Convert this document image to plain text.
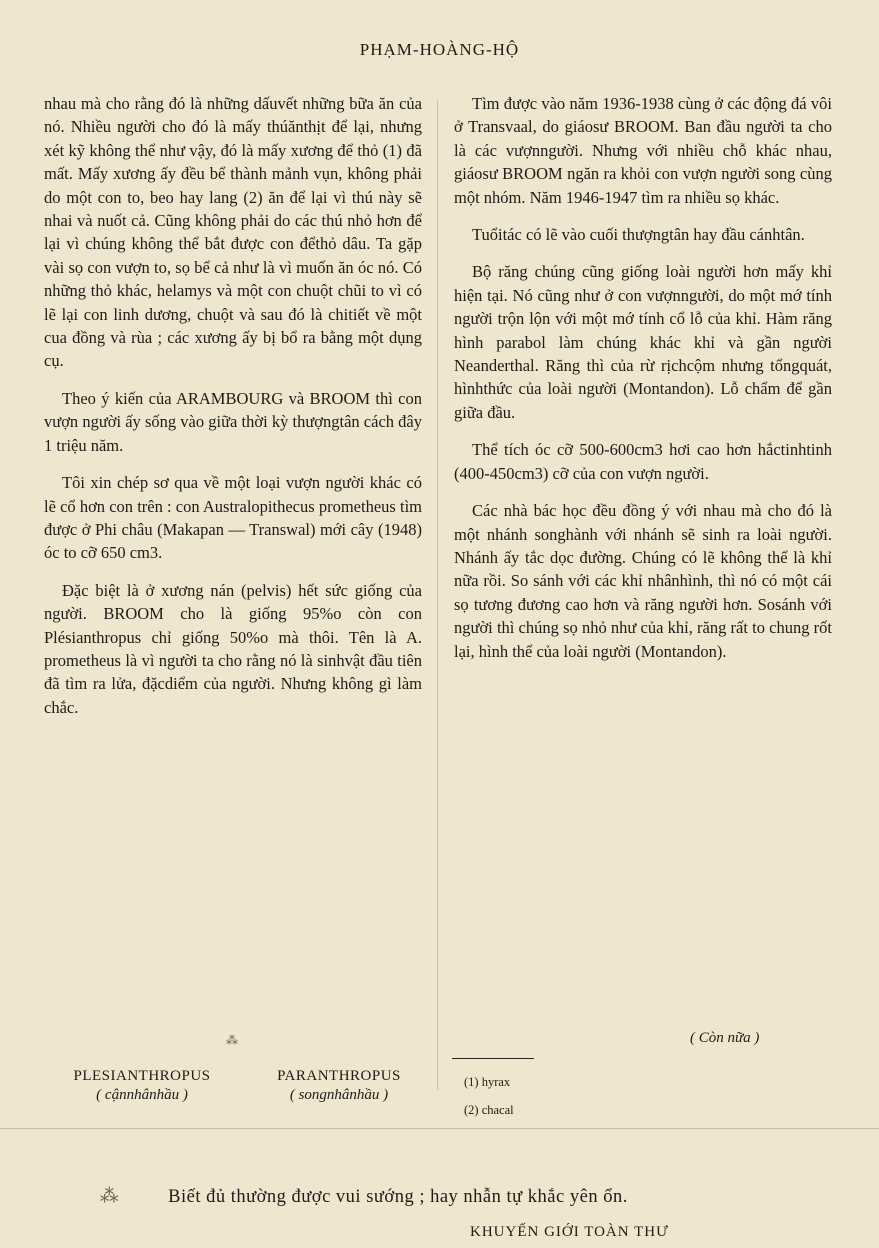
PHẠM-HOÀNG-HỘ

nhau mà cho rằng đó là những dấuvết những bữa ăn của nó. Nhiều người cho đó là mấy thúănthịt để lại, nhưng xét kỹ không thể như vậy, đó là mấy xương để thỏ (1) đã mất. Mấy xương ấy đều bể thành mảnh vụn, không phải do một con to, beo hay lang (2) ăn để lại vì thú này sẽ nhai và nuốt cả. Cũng không phải do các thú nhỏ hơn để lại vì chúng không thể bắt được con đểthỏ dâu. Ta gặp vài sọ con vượn to, sọ bể cả như là vì muốn ăn óc nó. Có những thỏ khác, helamys và một con chuột chũi to vì có lẽ lại con linh dương, chuột và sau đó là chitiết về một cua đồng và rùa ; các xương ấy bị bổ ra bằng một dụng cụ.

Theo ý kiến của ARAMBOURG và BROOM thì con vượn người ấy sống vào giữa thời kỳ thượngtân cách đây 1 triệu năm.

Tôi xin chép sơ qua về một loại vượn người khác có lẽ cổ hơn con trên : con Australopithecus prometheus tìm được ở Phi châu (Makapan — Transwal) mới cây (1948) óc to cỡ 650 cm3.

Đặc biệt là ở xương nán (pelvis) hết sức giống của người. BROOM cho là giống 95%o còn con Plésianthropus chỉ giống 50%o mà thôi. Tên là A. prometheus là vì người ta cho rằng nó là sinhvật đầu tiên đã tìm ra lửa, đặcdiểm của người. Nhưng không gì làm chắc.

Tìm được vào năm 1936-1938 cùng ở các động đá vôi ở Transvaal, do giáosư BROOM. Ban đầu người ta cho là các vượnngười. Nhưng với nhiều chỗ khác nhau, giáosư BROOM ngăn ra khỏi con vượn người song cùng một nhóm. Năm 1946-1947 tìm ra nhiều sọ khác.

Tuổitác có lẽ vào cuối thượngtân hay đầu cánhtân.

Bộ răng chúng cũng giống loài người hơn mấy khỉ hiện tại. Nó cũng như ở con vượnngười, do một mớ tính người trộn lộn với một mớ tính cổ lỗ của khỉ. Hàm răng hình parabol làm chúng khác khỉ và gần người Neanderthal. Răng thì của rừ rịchcộm nhưng tổngquát, hìnhthức của loài người (Montandon). Lỗ chẩm để gần giữa đầu.

Thể tích óc cỡ 500-600cm3 hơi cao hơn hắctinhtinh (400-450cm3) cỡ của con vượn người.

Các nhà bác học đều đồng ý với nhau mà cho đó là một nhánh songhành với nhánh sẽ sinh ra loài người. Nhánh ấy tắc dọc đường. Chúng có lẽ không thể là khỉ nữa rồi. So sánh với các khỉ nhânhình, thì nó có một cái sọ tương đương cao hơn và răng người hơn. Sosánh với người thì chúng sọ nhỏ như của khỉ, răng rất to chung rốt lại, hình thể của loài người (Montandon).

( Còn nữa )
⁂
PLESIANTHROPUS
( cậnnhânhầu )
PARANTHROPUS
( songnhânhầu )
(1) hyrax
(2) chacal
⁂	Biết đủ thường được vui sướng ; hay nhẫn tự khắc yên ổn.
KHUYẾN GIỚI TOÀN THƯ
